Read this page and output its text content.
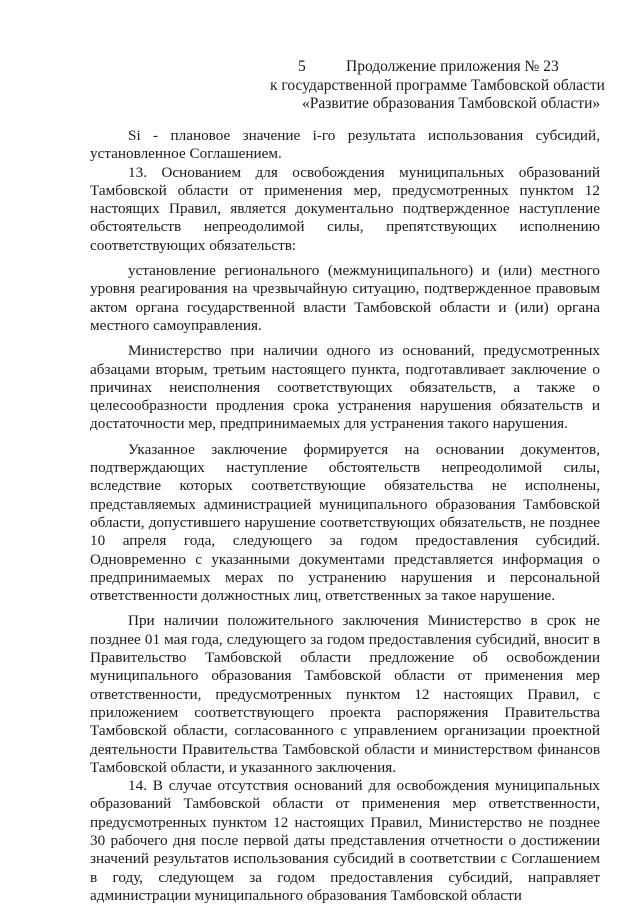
5	Продолжение приложения № 23
к государственной программе Тамбовской области
«Развитие образования Тамбовской области»

Si - плановое значение i-го результата использования субсидий, установленное Соглашением.

13. Основанием для освобождения муниципальных образований Тамбовской области от применения мер, предусмотренных пунктом 12 настоящих Правил, является документально подтвержденное наступление обстоятельств непреодолимой силы, препятствующих исполнению соответствующих обязательств:

установление регионального (межмуниципального) и (или) местного уровня реагирования на чрезвычайную ситуацию, подтвержденное правовым актом органа государственной власти Тамбовской области и (или) органа местного самоуправления.

Министерство при наличии одного из оснований, предусмотренных абзацами вторым, третьим настоящего пункта, подготавливает заключение о причинах неисполнения соответствующих обязательств, а также о целесообразности продления срока устранения нарушения обязательств и достаточности мер, предпринимаемых для устранения такого нарушения.

Указанное заключение формируется на основании документов, подтверждающих наступление обстоятельств непреодолимой силы, вследствие которых соответствующие обязательства не исполнены, представляемых администрацией муниципального образования Тамбовской области, допустившего нарушение соответствующих обязательств, не позднее 10 апреля года, следующего за годом предоставления субсидий. Одновременно с указанными документами представляется информация о предпринимаемых мерах по устранению нарушения и персональной ответственности должностных лиц, ответственных за такое нарушение.

При наличии положительного заключения Министерство в срок не позднее 01 мая года, следующего за годом предоставления субсидий, вносит в Правительство Тамбовской области предложение об освобождении муниципального образования Тамбовской области от применения мер ответственности, предусмотренных пунктом 12 настоящих Правил, с приложением соответствующего проекта распоряжения Правительства Тамбовской области, согласованного с управлением организации проектной деятельности Правительства Тамбовской области и министерством финансов Тамбовской области, и указанного заключения.

14. В случае отсутствия оснований для освобождения муниципальных образований Тамбовской области от применения мер ответственности, предусмотренных пунктом 12 настоящих Правил, Министерство не позднее 30 рабочего дня после первой даты представления отчетности о достижении значений результатов использования субсидий в соответствии с Соглашением в году, следующем за годом предоставления субсидий, направляет администрации муниципального образования Тамбовской области
